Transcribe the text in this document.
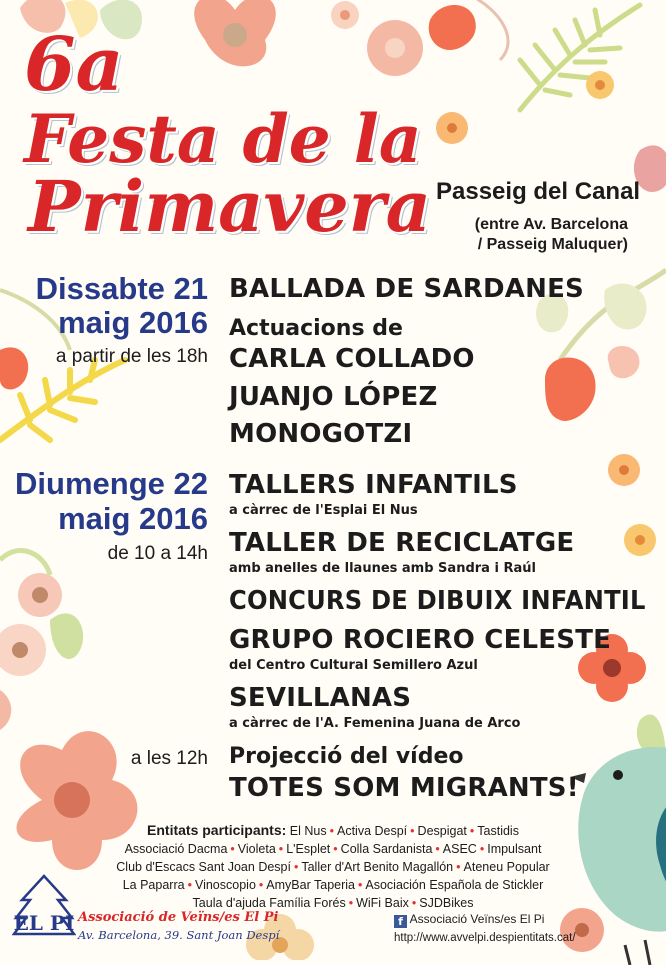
6a
Festa de la
Primavera Passeig del Canal
(entre Av. Barcelona
/ Passeig Maluquer)
Dissabte 21
maig 2016
a partir de les 18h
BALLADA DE SARDANES
Actuacions de
CARLA COLLADO
JUANJO LÓPEZ
MONOGOTZI
Diumenge 22
maig 2016
de 10 a 14h
TALLERS INFANTILS
a càrrec de l'Esplai El Nus
TALLER DE RECICLATGE
amb anelles de llaunes amb Sandra i Raúl
CONCURS DE DIBUIX INFANTIL
GRUPO ROCIERO CELESTE
del Centro Cultural Semillero Azul
SEVILLANAS
a càrrec de l'A. Femenina Juana de Arco
a les 12h Projecció del vídeo
TOTES SOM MIGRANTS!
Entitats participants: El Nus • Activa Despí • Despigat • Tastidis
Associació Dacma • Violeta • L'Esplet • Colla Sardanista • ASEC • Impulsant
Club d'Escacs Sant Joan Despí • Taller d'Art Benito Magallón • Ateneu Popular
La Paparra • Vinoscopio • AmyBar Taperia • Asociación Española de Stickler
Taula d'ajuda Família Forés • WiFi Baix • SJDBikes
EL PI Associació de Veïns/es El Pi
Av. Barcelona, 39. Sant Joan Despí
f Associació Veïns/es El Pi
http://www.avvelpi.despientitats.cat/
